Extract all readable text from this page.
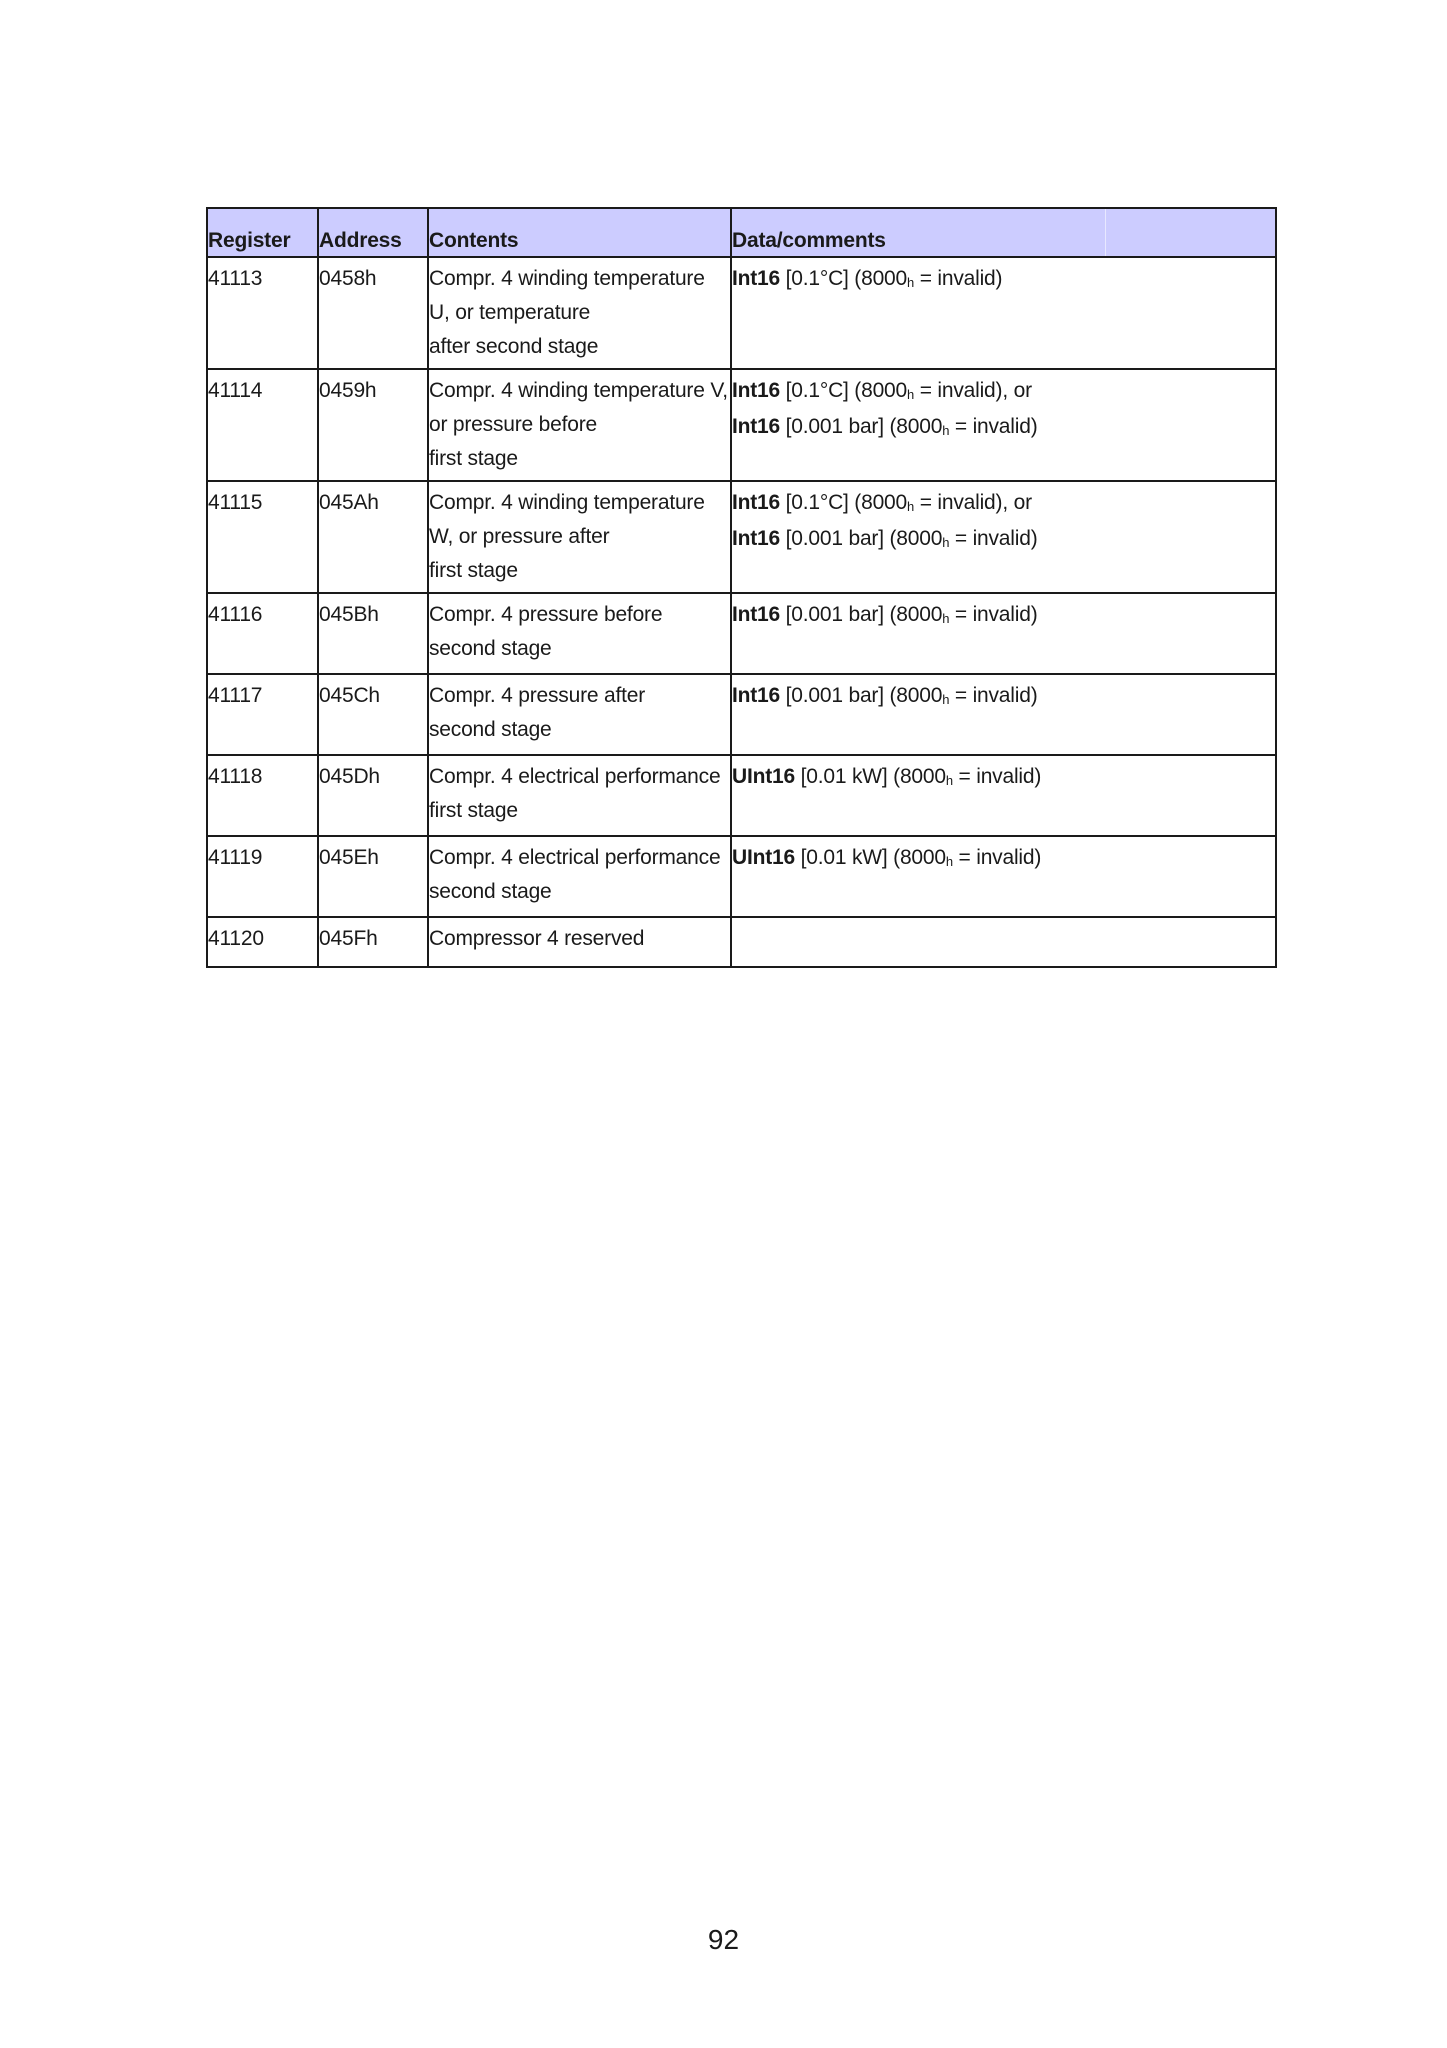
Register	Address	Contents	Data/comments

41113	0458h	Compr. 4 winding temperature
U, or temperature
after second stage	Int16 [0.1°C] (8000h = invalid)

41114	0459h	Compr. 4 winding temperature V,
or pressure before
first stage	Int16 [0.1°C] (8000h = invalid), or
Int16 [0.001 bar] (8000h = invalid)

41115	045Ah	Compr. 4 winding temperature
W, or pressure after
first stage	Int16 [0.1°C] (8000h = invalid), or
Int16 [0.001 bar] (8000h = invalid)

41116	045Bh	Compr. 4 pressure before
second stage	Int16 [0.001 bar] (8000h = invalid)

41117	045Ch	Compr. 4 pressure after
second stage	Int16 [0.001 bar] (8000h = invalid)

41118	045Dh	Compr. 4 electrical performance
first stage	UInt16 [0.01 kW] (8000h = invalid)

41119	045Eh	Compr. 4 electrical performance
second stage	UInt16 [0.01 kW] (8000h = invalid)

41120	045Fh	Compressor 4 reserved	

92
